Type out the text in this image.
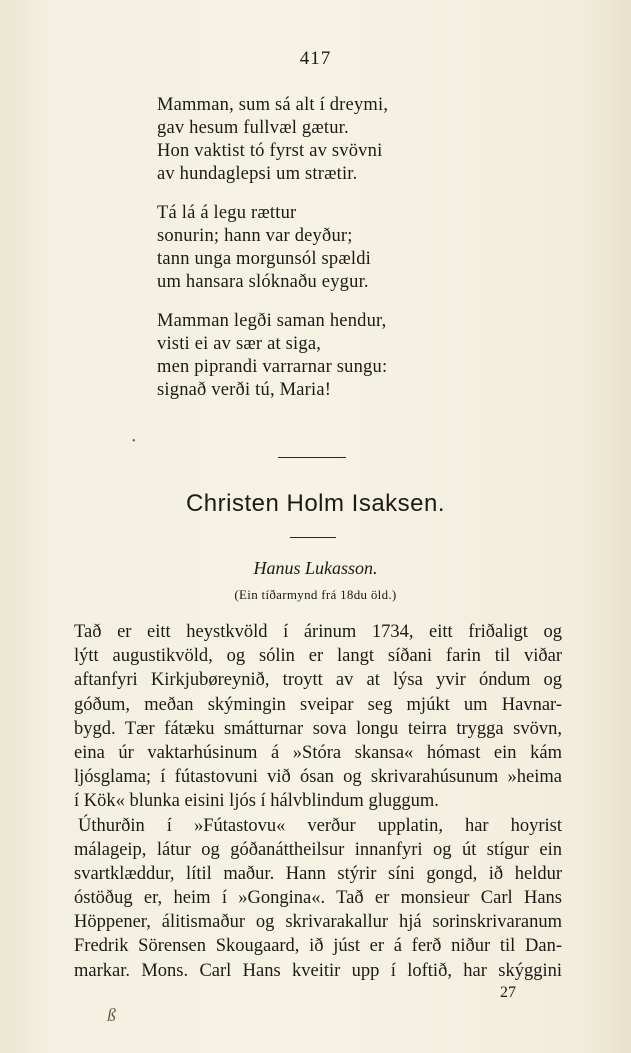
417
Mamman, sum sá alt í dreymi,
gav hesum fullvæl gætur.
Hon vaktist tó fyrst av svövni
av hundaglepsi um strætir.
Tá lá á legu rættur
sonurin; hann var deyður;
tann unga morgunsól spældi
um hansara slóknaðu eygur.
Mamman legði saman hendur,
visti ei av sær at siga,
men piprandi varrarnar sungu:
signað verði tú, Maria!
Christen Holm Isaksen.
Hanus Lukasson.
(Ein tíðarmynd frá 18du öld.)
Tað er eitt heystkvöld í árinum 1734, eitt friðaligt og
lýtt augustikvöld, og sólin er langt síðani farin til viðar
aftanfyri Kirkjubøreynið, troytt av at lýsa yvir óndum og
góðum, meðan skýmingin sveipar seg mjúkt um Havnar-
bygd. Tær fátæku smátturnar sova longu teirra trygga svövn,
eina úr vaktarhúsinum á »Stóra skansa« hómast ein kám
ljósglama; í fútastovuni við ósan og skrivarahúsunum »heima
í Kök« blunka eisini ljós í hálvblindum gluggum.
Úthurðin í »Fútastovu« verður upplatin, har hoyrist
málageip, látur og góðanáttheilsur innanfyri og út stígur ein
svartklæddur, lítil maður. Hann stýrir síni gongd, ið heldur
óstöðug er, heim í »Gongina«. Tað er monsieur Carl Hans
Höppener, álitismaður og skrivarakallur hjá sorinskrivaranum
Fredrik Sörensen Skougaard, ið júst er á ferð niður til Dan-
markar. Mons. Carl Hans kveitir upp í loftið, har skýggini
27
ß
•
